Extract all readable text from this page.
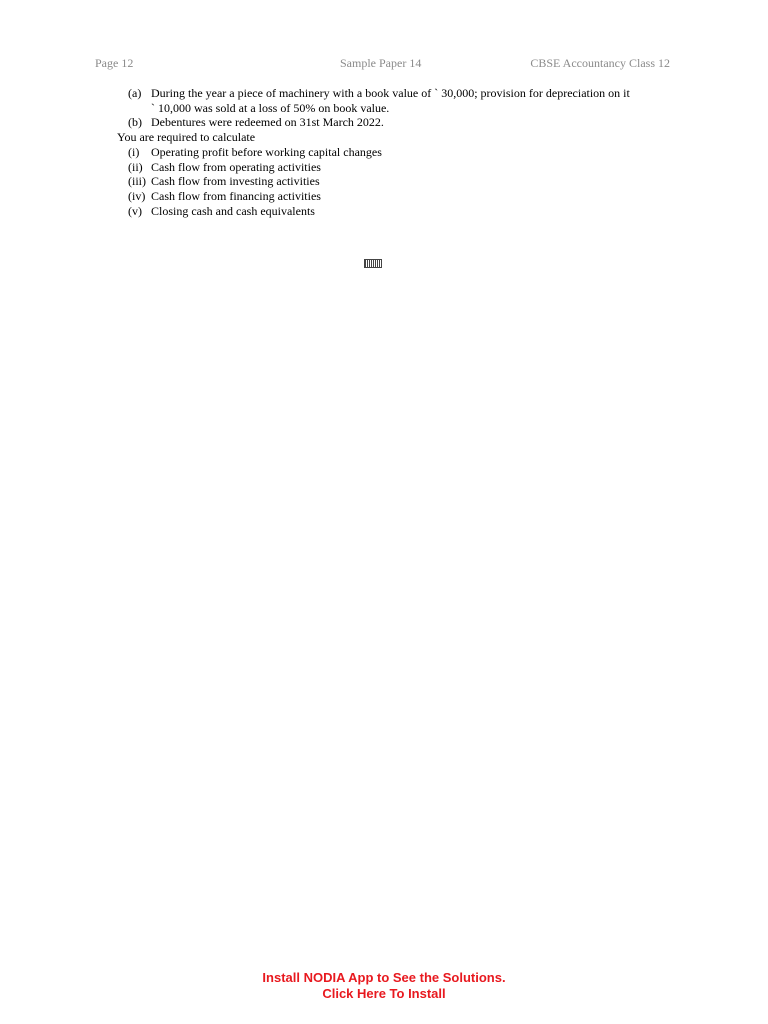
Page 12	Sample Paper 14	CBSE Accountancy Class 12
(a) During the year a piece of machinery with a book value of ` 30,000; provision for depreciation on it
` 10,000 was sold at a loss of 50% on book value.
(b) Debentures were redeemed on 31st March 2022.
You are required to calculate
(i) Operating profit before working capital changes
(ii) Cash flow from operating activities
(iii) Cash flow from investing activities
(iv) Cash flow from financing activities
(v) Closing cash and cash equivalents
Install NODIA App to See the Solutions.
Click Here To Install
